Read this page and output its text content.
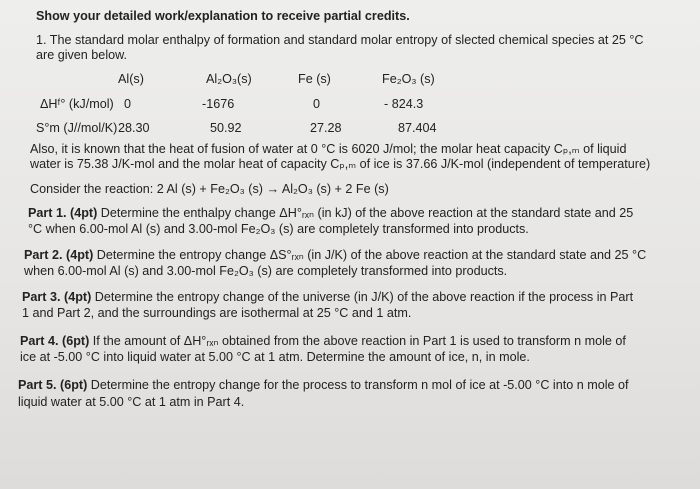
Show your detailed work/explanation to receive partial credits.
1. The standard molar enthalpy of formation and standard molar entropy of slected chemical species at 25 °C
are given below.
Al(s)	Al₂O₃(s)	Fe (s)	Fe₂O₃ (s)
ΔHᶠ° (kJ/mol) 0	-1676	0	- 824.3
S°m (J//mol/K) 28.30	50.92	27.28	87.404
Also, it is known that the heat of fusion of water at 0 °C is 6020 J/mol; the molar heat capacity Cₚ,ₘ of liquid
water is 75.38 J/K-mol and the molar heat of capacity Cₚ,ₘ of ice is 37.66 J/K-mol (independent of temperature)
Consider the reaction: 2 Al (s) + Fe₂O₃ (s) → Al₂O₃ (s) + 2 Fe (s)
Part 1. (4pt) Determine the enthalpy change ΔH°ᵣₓₙ (in kJ) of the above reaction at the standard state and 25
°C when 6.00-mol Al (s) and 3.00-mol Fe₂O₃ (s) are completely transformed into products.
Part 2. (4pt) Determine the entropy change ΔS°ᵣₓₙ (in J/K) of the above reaction at the standard state and 25 °C
when 6.00-mol Al (s) and 3.00-mol Fe₂O₃ (s) are completely transformed into products.
Part 3. (4pt) Determine the entropy change of the universe (in J/K) of the above reaction if the process in Part
1 and Part 2, and the surroundings are isothermal at 25 °C and 1 atm.
Part 4. (6pt) If the amount of ΔH°ᵣₓₙ obtained from the above reaction in Part 1 is used to transform n mole of
ice at -5.00 °C into liquid water at 5.00 °C at 1 atm. Determine the amount of ice, n, in mole.
Part 5. (6pt) Determine the entropy change for the process to transform n mol of ice at -5.00 °C into n mole of
liquid water at 5.00 °C at 1 atm in Part 4.
